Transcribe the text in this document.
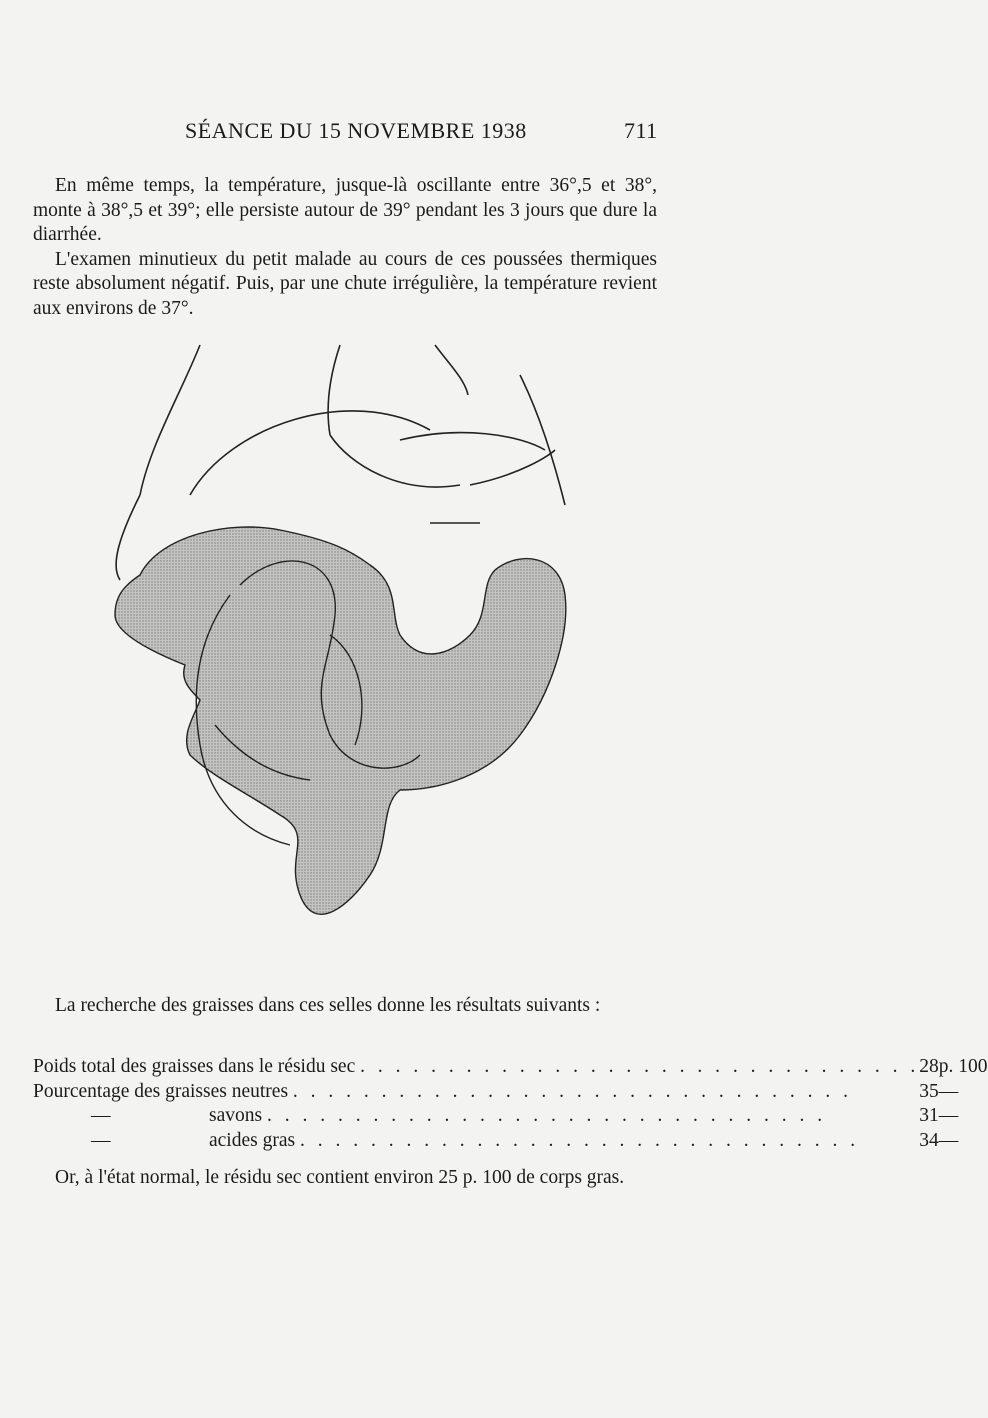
SÉANCE DU 15 NOVEMBRE 1938	711

En même temps, la température, jusque-là oscillante entre 36°,5 et 38°, monte à 38°,5 et 39°; elle persiste autour de 39° pendant les 3 jours que dure la diarrhée.

L'examen minutieux du petit malade au cours de ces poussées thermiques reste absolument négatif. Puis, par une chute irrégulière, la température revient aux environs de 37°.

La recherche des graisses dans ces selles donne les résultats suivants :

Poids total des graisses dans le résidu sec . . . . . . . . . . . . . . . . . . . . . . . . . . . . . . . .	28	p. 100
Pourcentage des graisses neutres . . . . . . . . . . . . . . . . . . . . . . . . . . . . . . . .	35	—
— savons . . . . . . . . . . . . . . . . . . . . . . . . . . . . . . . .	31	—
— acides gras . . . . . . . . . . . . . . . . . . . . . . . . . . . . . . . .	34	—

Or, à l'état normal, le résidu sec contient environ 25 p. 100 de corps gras.
